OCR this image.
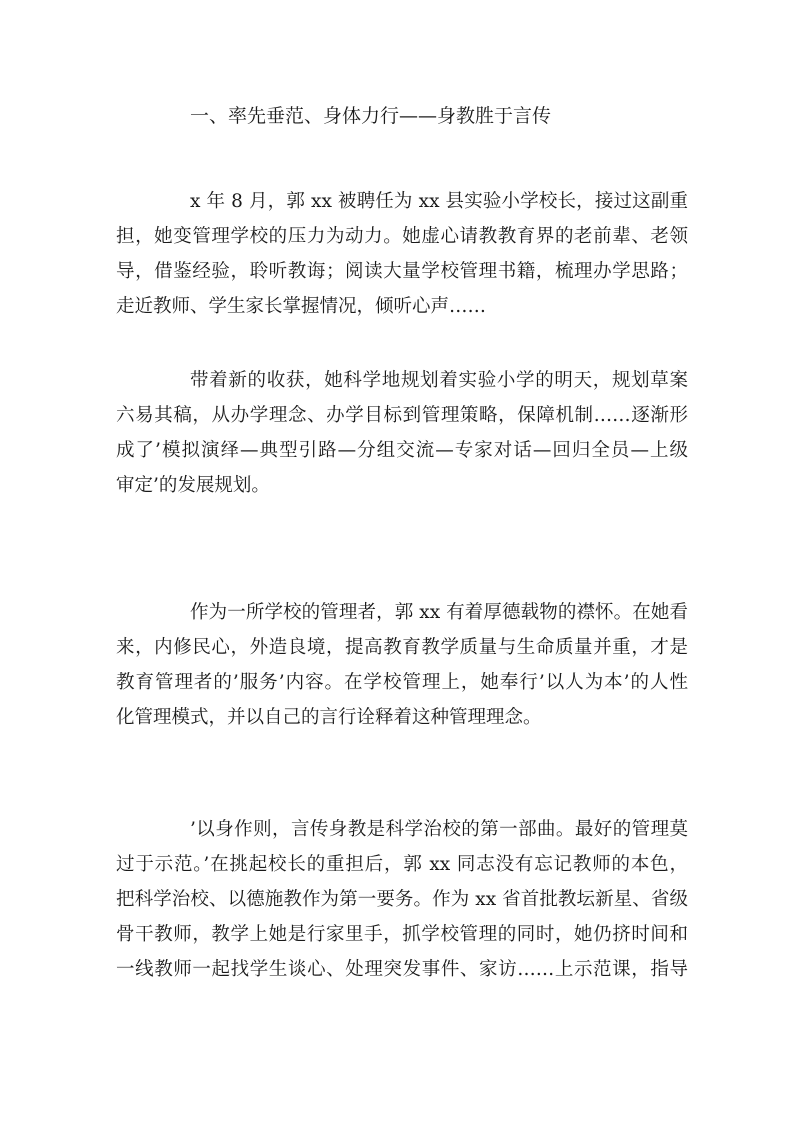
一、率先垂范、身体力行——身教胜于言传

x 年 8 月，郭 xx 被聘任为 xx 县实验小学校长，接过这副重
担，她变管理学校的压力为动力。她虚心请教教育界的老前辈、老领
导，借鉴经验，聆听教诲；阅读大量学校管理书籍，梳理办学思路；
走近教师、学生家长掌握情况，倾听心声……

带着新的收获，她科学地规划着实验小学的明天，规划草案
六易其稿，从办学理念、办学目标到管理策略，保障机制……逐渐形
成了’模拟演绎—典型引路—分组交流—专家对话—回归全员—上级
审定’的发展规划。

作为一所学校的管理者，郭 xx 有着厚德载物的襟怀。在她看
来，内修民心，外造良境，提高教育教学质量与生命质量并重，才是
教育管理者的’服务’内容。在学校管理上，她奉行’以人为本’的人性
化管理模式，并以自己的言行诠释着这种管理理念。

’以身作则，言传身教是科学治校的第一部曲。最好的管理莫
过于示范。’在挑起校长的重担后，郭 xx 同志没有忘记教师的本色，
把科学治校、以德施教作为第一要务。作为 xx 省首批教坛新星、省级
骨干教师，教学上她是行家里手，抓学校管理的同时，她仍挤时间和
一线教师一起找学生谈心、处理突发事件、家访……上示范课，指导
